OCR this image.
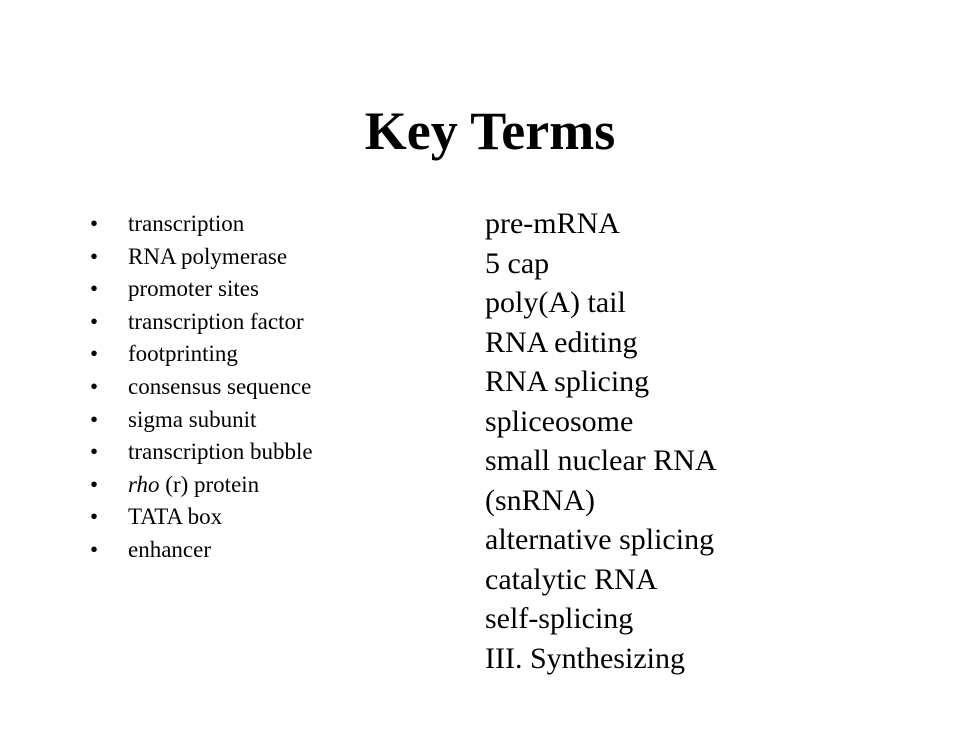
Key Terms
• transcription
• RNA polymerase
• promoter sites
• transcription factor
• footprinting
• consensus sequence
• sigma subunit
• transcription bubble
• rho (r) protein
• TATA box
• enhancer
pre-mRNA
5 cap
poly(A) tail
RNA editing
RNA splicing
spliceosome
small nuclear RNA
(snRNA)
alternative splicing
catalytic RNA
self-splicing
III. Synthesizing
